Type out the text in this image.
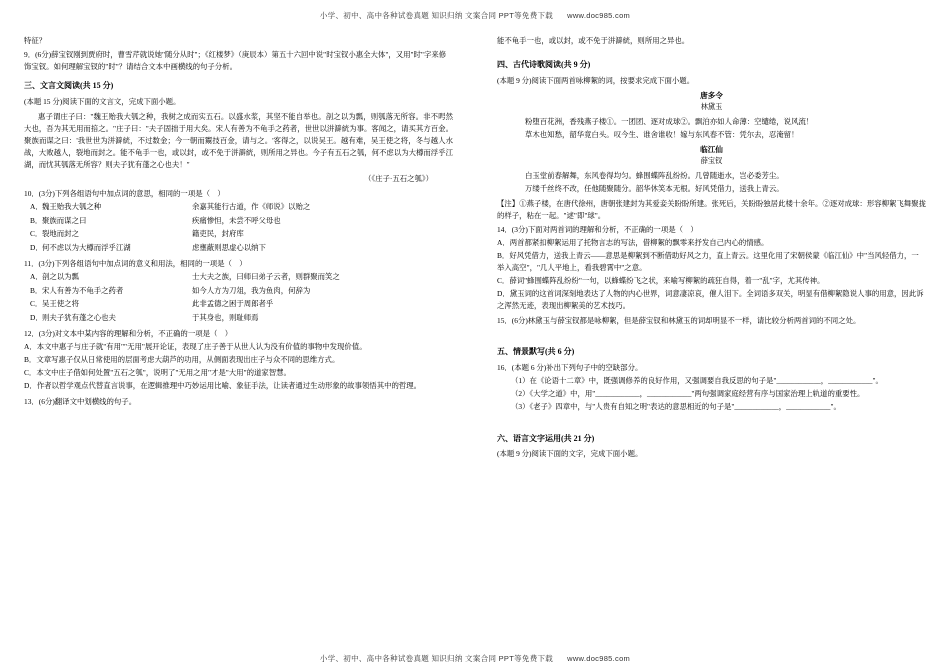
小学、初中、高中各种试卷真题 知识归纳 文案合同 PPT等免费下载 www.doc985.com
特征？
9．(6分)薛宝钗刚到贾府时，曹雪芹就说她"随分从时"；《红楼梦》（庚辰本）第五十六回中说"时宝钗小惠全大体"，又用"时"字来修饰宝钗。如何理解宝钗的"时"？请结合文本中画横线的句子分析。
三、文言文阅读(共 15 分)
(本题 15 分)阅读下面的文言文，完成下面小题。
惠子谓庄子曰："魏王贻我大瓠之种，我树之成而实五石。以盛水浆，其坚不能自举也。剖之以为瓢，则瓠落无所容。非不呺然大也，吾为其无用而掊之。"庄子曰："夫子固拙于用大矣。宋人有善为不龟手之药者，世世以洴澼絖为事。客闻之，请买其方百金。聚族而谋之曰：'我世世为洴澼絖，不过数金；今一朝而鬻技百金，请与之。'客得之，以说吴王。越有难，吴王使之将，冬与越人水战，大败越人，裂地而封之。能不龟手一也，或以封，或不免于洴澼絖，则所用之异也。今子有五石之瓠，何不虑以为大樽而浮乎江湖，而忧其瓠落无所容？则夫子犹有蓬之心也夫！"
（《庄子·五石之瓠》）
10．(3分)下列各组语句中加点词的意思，相同的一项是（　）
A．魏王贻我大瓠之种	余嘉其能行古道，作《师说》以贻之
B．聚族而谋之曰	疾痛惨怛，未尝不呼父母也
C．裂地而封之	籍吏民，封府库
D．何不虑以为大樽而浮乎江湖	虑壅蔽则思虚心以纳下
11．(3分)下列各组语句中加点词的意义和用法，相同的一项是（　）
A．剖之以为瓢	士大夫之族，曰师曰弟子云者，则群聚而笑之
B．宋人有善为不龟手之药者	如今人方为刀俎，我为鱼肉，何辞为
C．吴王使之将	此非孟德之困于周郎者乎
D．则夫子犹有蓬之心也夫	于其身也，则耻师焉
12．(3分)对文本中某内容的理解和分析，不正确的一项是（　）
A．本文中惠子与庄子就"有用""无用"展开论证，表现了庄子善于从世人认为没有价值的事物中发现价值。
B．文章写惠子仅从日常使用的层面考虑大葫芦的功用，从侧面表现出庄子与众不同的思维方式。
C．本文中庄子借如何处置"五石之瓠"，说明了"无用之用"才是"大用"的道家智慧。
D．作者以哲学观点代替直言说事，在逻辑推理中巧妙运用比喻、象征手法，让读者通过生动形象的故事领悟其中的哲理。
13．(6分)翻译文中划横线的句子。
能不龟手一也，或以封，或不免于洴澼絖，则所用之异也。
四、古代诗歌阅读(共 9 分)
(本题 9 分)阅读下面两首咏柳絮的词，按要求完成下面小题。
唐多令
林黛玉
粉堕百花洲，香残燕子楼①。一团团、逐对成球②。飘泊亦如人命薄：空缱绻，说风流！
草木也知愁，韶华竟白头。叹今生、谁舍谁收！嫁与东风春不管：凭尔去，忍淹留！
临江仙
薛宝钗
白玉堂前春解舞，东风卷得均匀。蜂围蝶阵乱纷纷。几曾随逝水，岂必委芳尘。
万缕千丝终不改，任他随聚随分。韶华休笑本无根。好风凭借力，送我上青云。
【注】①燕子楼，在唐代徐州，唐朝张建封为其爱妾关盼盼所建。张死后，关盼盼独居此楼十余年。②逐对成球：形容柳絮飞舞聚拢的样子，粘在一起。"逑"即"球"。
14．(3分)下面对两首词的理解和分析，不正确的一项是（　）
A．两首都紧扣柳絮运用了托物言志的写法，借柳絮的飘零来抒发自己内心的情感。
B．好风凭借力，送我上青云——意思是柳絮到不断借助好风之力，直上青云。这里化用了宋朝侯蒙《临江仙》中"当风轻借力，一举入高空"，"几人平地上，看我碧霄中"之意。
C．薛词"蜂围蝶阵乱纷纷"一句，以蜂蝶纷飞之状，来喻写柳絮的疏狂自得，着一"乱"字，尤其传神。
D．黛玉词的这首词深刻地表达了人物的内心世界，词意凄凉哀，催人泪下。全词语多双关，明显有借柳絮隐说人事的用意，因此诉之浑然无迹，表现出柳絮美的艺术技巧。
15．(6分)林黛玉与薛宝钗都是咏柳絮，但是薛宝钗和林黛玉的词却明显不一样，请比较分析两首词的不同之处。
五、情景默写(共 6 分)
16．(本题 6 分)补出下列句子中的空缺部分。
（1）在《论语十二章》中，既强调修养的良好作用，又强调要自我反思的句子是"____________，____________"。
（2）《大学之道》中，用"____________，____________"两句强调家庭经营有序与国家治理上轨道的重要性。
（3）《老子》四章中，与"人贵有自知之明"表达的意思相近的句子是"____________，____________"。
六、语言文字运用(共 21 分)
(本题 9 分)阅读下面的文字，完成下面小题。
小学、初中、高中各种试卷真题 知识归纳 文案合同 PPT等免费下载 www.doc985.com
